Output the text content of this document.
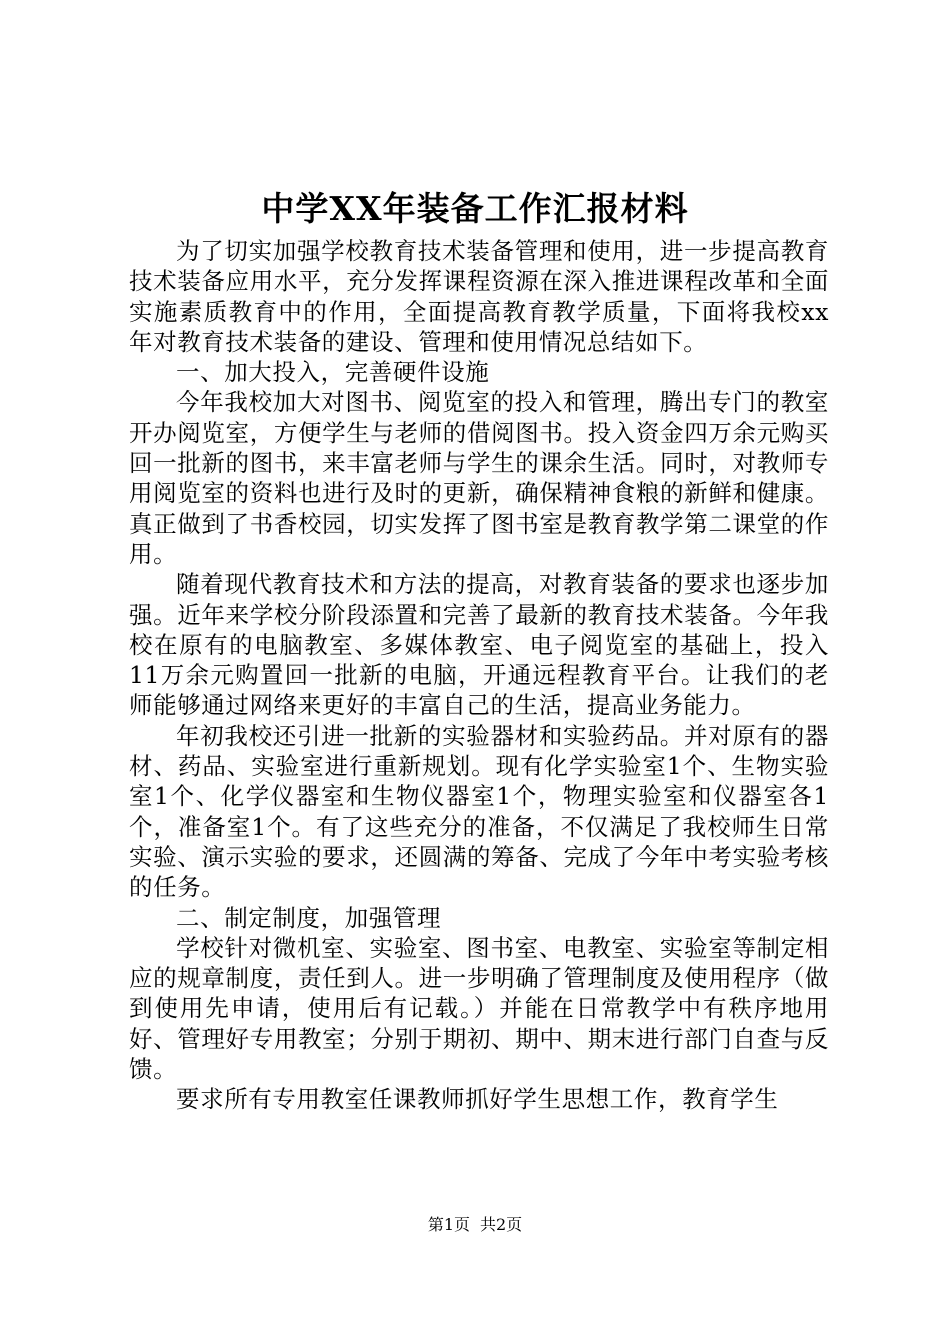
中学XX年装备工作汇报材料

为了切实加强学校教育技术装备管理和使用，进一步提高教育技术装备应用水平，充分发挥课程资源在深入推进课程改革和全面实施素质教育中的作用，全面提高教育教学质量，下面将我校xx年对教育技术装备的建设、管理和使用情况总结如下。

一、加大投入，完善硬件设施

今年我校加大对图书、阅览室的投入和管理，腾出专门的教室开办阅览室，方便学生与老师的借阅图书。投入资金四万余元购买回一批新的图书，来丰富老师与学生的课余生活。同时，对教师专用阅览室的资料也进行及时的更新，确保精神食粮的新鲜和健康。真正做到了书香校园，切实发挥了图书室是教育教学第二课堂的作用。

随着现代教育技术和方法的提高，对教育装备的要求也逐步加强。近年来学校分阶段添置和完善了最新的教育技术装备。今年我校在原有的电脑教室、多媒体教室、电子阅览室的基础上，投入11万余元购置回一批新的电脑，开通远程教育平台。让我们的老师能够通过网络来更好的丰富自己的生活，提高业务能力。

年初我校还引进一批新的实验器材和实验药品。并对原有的器材、药品、实验室进行重新规划。现有化学实验室1个、生物实验室1个、化学仪器室和生物仪器室1个，物理实验室和仪器室各1个，准备室1个。有了这些充分的准备，不仅满足了我校师生日常实验、演示实验的要求，还圆满的筹备、完成了今年中考实验考核的任务。

二、制定制度，加强管理

学校针对微机室、实验室、图书室、电教室、实验室等制定相应的规章制度，责任到人。进一步明确了管理制度及使用程序（做到使用先申请，使用后有记载。）并能在日常教学中有秩序地用好、管理好专用教室；分别于期初、期中、期末进行部门自查与反馈。

要求所有专用教室任课教师抓好学生思想工作，教育学生

第1页 共2页
